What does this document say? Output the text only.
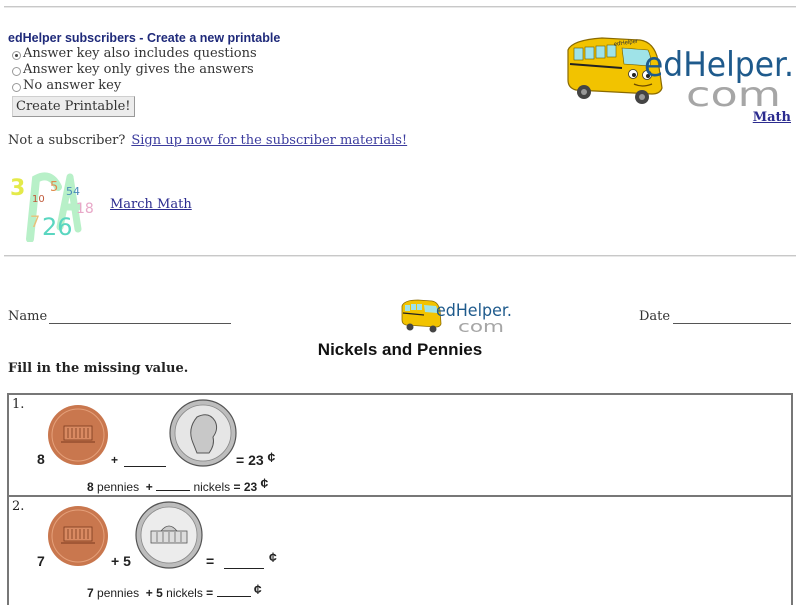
edHelper subscribers - Create a new printable
Answer key also includes questions
Answer key only gives the answers
No answer key
Create Printable!
Not a subscriber? Sign up now for the subscriber materials!
edHelper
edHelper.
com
Math
3 5 54
10
18
7 26
March Math
Name	edHelper.
com
Date
Nickels and Pennies
Fill in the missing value.
1.
8	+	= 23 ¢
8 pennies +	nickels = 23 ¢
2.
7	+ 5	=	¢
7 pennies + 5 nickels =	¢
